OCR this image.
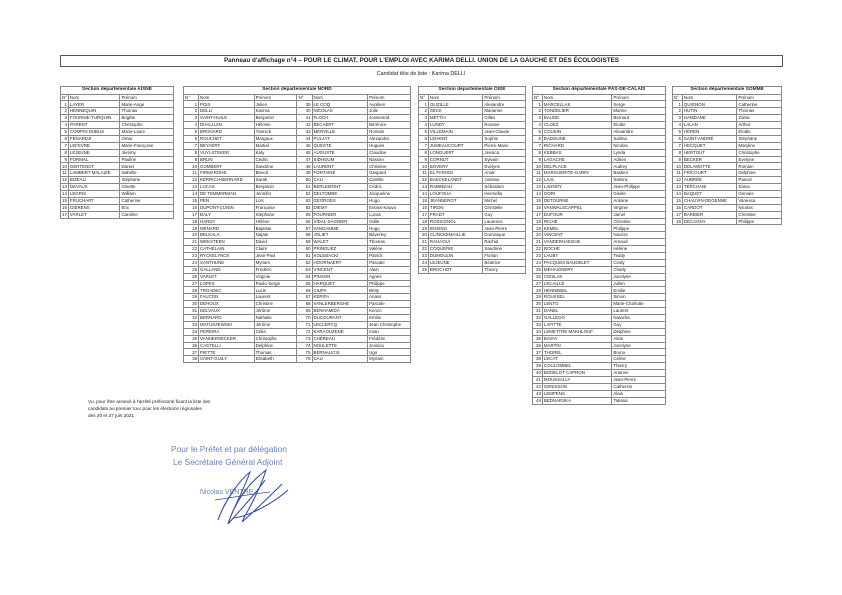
Panneau d'affichage n°4 – POUR LE CLIMAT, POUR L'EMPLOI AVEC KARIMA DELLI. UNION DE LA GAUCHE ET DES ÉCOLOGISTES
Candidat tête de liste : Karima DELLI
Section départementale AISNE		
N°	Nom	Prénom
1	LAYER	Marie-Ange
2	HENNEQUIN	Thomas
3	FOURNIE-TURQUIN	Brigitte
4	PARENT	Christophe
5	COMPIN DUBUS	Marie-Laure
6	FENARDJI	Omar
7	LEFEVRE	Marie-Françoise
8	LEJEUNE	Jérémy
9	FORMAL	Pauline
10	GERTENOT	Daniel
11	LAMBERT MALAIZE	Isabelle
12	BIZEAU	Stéphane
13	DEVAUX	Ginette
14	LEGRIS	William
15	FRUCHART	Catherine
16	GIERENS	Eric
17	VARLET	Caroline
Section départementale NORD					
N°	Nom	Prénom	N°	Nom	Prénom
1	POIX	Julien	39	LE COQ	Aurélien
2	DELLI	Karima	40	NICOLAS	Julie
3	SAINT-HUILE	Benjamin	41	FLOCH	Josserand
4	DHALLUIN	Héloïse	42	BECAERT	Bérénice
5	BROHARD	Yannick	43	MERVILLE	Romain
6	ROUCHET	Margaux	44	PULJAT	Alexandra
7	BEYAERT	Martial	45	QUESTE	Hugues
8	VUYLSTEKER	Katy	46	AUGUSTE	Claudine
9	BRUN	Cédric	47	SIDHOUM	Nassim
10	GOMBERT	Sandrine	48	LAURENT	Christine
11	FIRMAROHE	Benoit	49	FONTAINE	Gaspard
12	KERRICH-BERNARD	Sarah	50	CAU	Camille
13	LUCAS	Benjamin	51	BERLEMONT	Cédric
14	DE TEMMERMAN	Jennifer	52	DELTOMBE	Jacqueline
15	PEN	Loïc	53	GEORGES	Hugo
16	DUPONT-CUNIN	Françoise	54	DIEMY	Evlass-Kauva
17	BALY	Stéphane	55	FOURNIER	Lucas
18	HARDY	Hélène	56	VIDAL-SAGNIER	Odile
19	MENARD	Baptiste	57	VANDAMME	Hugo
20	BELKALA	Najate	58	JOLIET	Béverley
21	WEKSTEEN	David	59	WALET	Thomas
22	CATHELAIN	Claire	60	PRINGUEZ	Valérie
23	RYCKELYNCK	Jean-Paul	61	KOLEBACKI	Patrick
24	SANTHUNE	Myriam	62	HOORNAERT	Pascale
25	GALLAND	Frédéric	63	VINCENT	Alain
26	VARLET	Virginie	64	PINSON	Agnès
27	LOPES	Paulo-Serge	65	HARQUET	Philippe
28	TROADEC	Lucie	66	CIUPA	Betty
29	FAUCON	Laurent	67	KERIFA	Anass
30	DEHOUX	Christine	68	VANLERBERGHE	Pascale
31	DELVAUX	Jérôme	69	BENHAMIDA	Kenzo
32	BERNARD	Nathalie	70	DUCOURANT	Emilie
33	MATUSZEWSKI	Jérôme	71	LECLERCQ	Jean Christophe
34	PEREIRA	Célia	72	KARAOUZENE	Iman
35	VANHERSECKER	Christophe	73	CHÉREAU	Frédéric
36	CASTELLI	Delphine	74	NOULETTE	Jessica
37	PIETTE	Thomas	75	BERNALICIS	Ugo
38	SAINT-GUILY	Elisabeth	76	CAU	Myriam
Section départementale OISE		
N°	Nom	Prénom
1	OLIZILLE	Alexandre
2	SECK	Marianne
3	METTAI	Gilles
4	LUNDY	Roxane
5	VILLEMAIN	Jean-Claude
6	LEHKER	Sophie
7	JUMEAUCOURT	Pierre-Marie
8	LONGUERT	Jessica
9	CORNUT	Sylvain
10	BOVERY	Evelyne
11	EL FARISSI	Amar
12	BAECKELANDT	Josiane
13	RABINEAU	Sébastien
14	LOUFOUA	Hermella
15	JEANNEROT	Michel
16	TIRON	Christelle
17	FRADT	Guy
18	ROSSIGNOL	Laurence
19	BOSINO	Jean-Pierre
20	CLINCKEMAILLIE	Dominique
21	RAHAOUI	Rachid
22	COQUERIE	Sandrine
23	DUMOULIN	Florian
24	LEJEUNE	Béatrice
25	BROCHOT	Thierry
Section départementale PAS-DE-CALAIS		
N°	Nom	Prénom
1	MARCELLAK	Serge
2	TONDELIER	Marine
3	BAUDE	Bernard
4	CLOEZ	Elodie
5	COUSIN	Alexandre
6	BADOUNE	Salima
7	RICHARD	Nicolas
8	KEBBAS	Lynda
9	LAGACHE	Adrien
10	DELPLACE	Audrey
11	MARGUERITE-GARIN	Bastien
12	LAAL	Samira
13	LANNOY	Jean-Philippe
14	GORI	Gisèle
15	DETOURNE	Antoine
16	VANWALSCAPPEL	Virginie
17	DUFOUR	Jamel
18	RICHE	Christine
19	KEMEL	Philippe
20	VINCENT	Nacéra
21	VANDERHAEGHE	Arnaud
22	ROCHE	Hélène
23	LAUBY	Teddy
24	PACQUES BAUDELET	Cindy
25	MEHAIGNERY	Charly
26	CIESLAK	Jocelyne
27	LECAILLE	Julien
28	HENNEBEL	Emilie
29	ROUSSEL	Simon
30	LENTO	Marie-Charlotte
31	DANEL	Laurent
32	GALLEGO	Natacha
33	LAFITTE	Guy
34	LEMETTRE MAKHLOUF	Delphine
35	BAVAY	Alain
36	MARTIN	Jocelyne
37	THOREL	Bruno
38	LECAT	Céline
39	COULOMBEL	Thierry
40	BODELOT CAPRON	Arianne
41	MOUSSALLY	Jean-Pierre
42	GENISSON	Catherine
43	LEMPENS	Alain
44	BEDNARSKA	Tatiana
Section départementale SOMME		
N°	Nom	Prénom
1	QUIGNON	Catherine
2	HUTIN	Thomas
3	HAMDANE	Zahia
4	LALAN	Arthur
5	HÉREN	Elodie
6	SAINT-ANDRÉ	Stéphane
7	HECQUET	Maryline
8	HERTOUT	Christophe
9	BECKER	Evelyne
10	DELAMOTTE	Romain
11	FRICOURT	Delphine
12	AUBRÉE	Pascal
13	TERCHANI	Saïva
14	BAQUET	Gervais
15	CHAUVIN-DEGENNE	Vanessa
16	CARDOT	Nicolas
17	BARBIER	Christine
18	DECAGNY	Philippe
Vu, pour être annexé à l'arrêté préfectoral fixant la liste des
candidats au premier tour pour les élections régionales
des 20 et 27 juin 2021
Pour le Préfet et par délégation
Le Secrétaire Général Adjoint
Nicolas VENTRE
